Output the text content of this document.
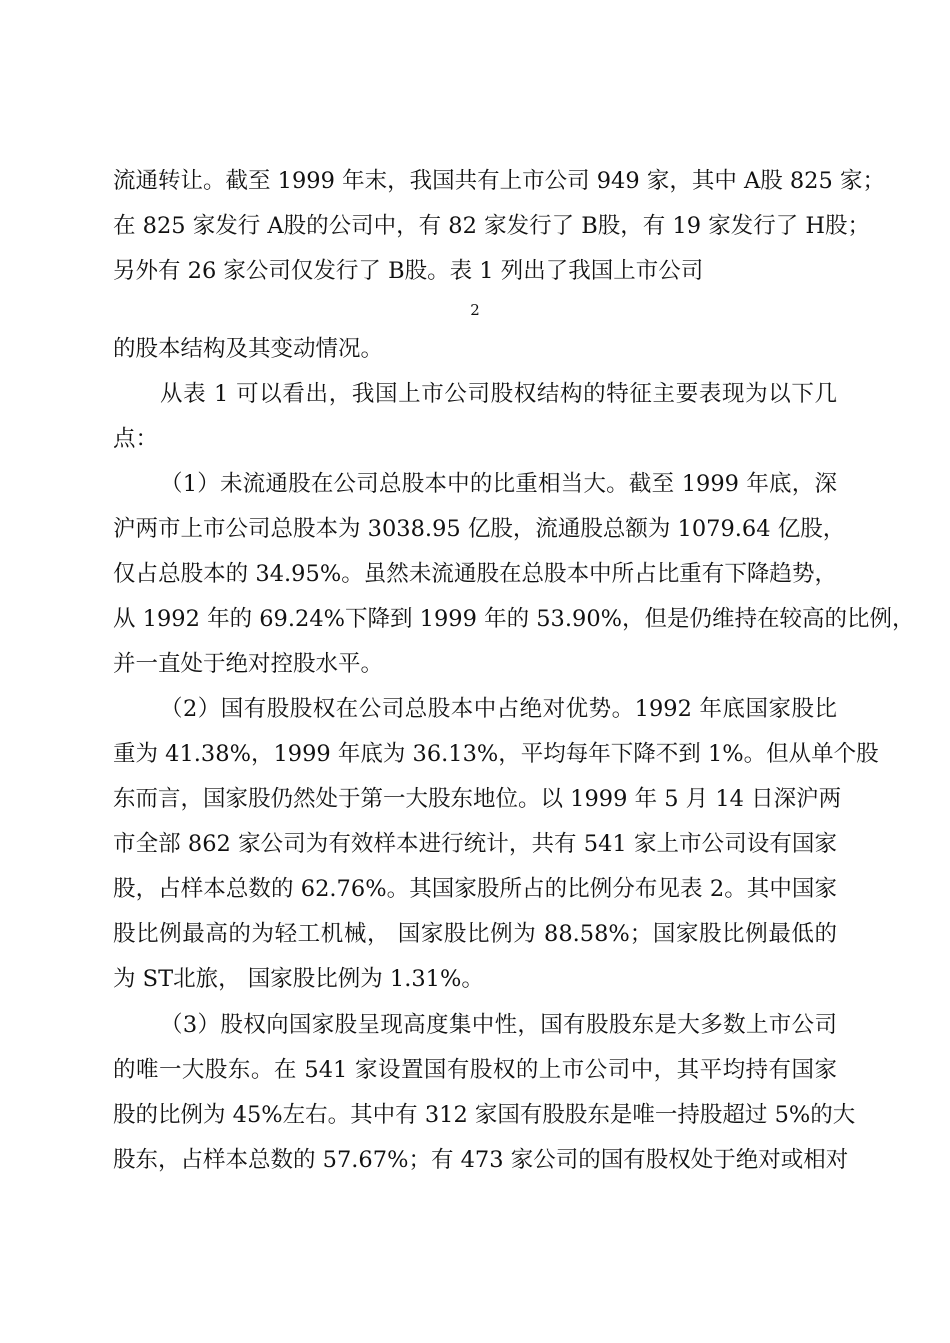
流通转让。截至 1999 年末，我国共有上市公司 949 家，其中 A股 825 家；
在 825 家发行 A股的公司中，有 82 家发行了 B股，有 19 家发行了 H股；
另外有 26 家公司仅发行了 B股。表 1 列出了我国上市公司
2
的股本结构及其变动情况。
从表 1 可以看出，我国上市公司股权结构的特征主要表现为以下几
点：
（1）未流通股在公司总股本中的比重相当大。截至 1999 年底，深
沪两市上市公司总股本为 3038.95 亿股，流通股总额为 1079.64 亿股，
仅占总股本的 34.95%。虽然未流通股在总股本中所占比重有下降趋势，
从 1992 年的 69.24%下降到 1999 年的 53.90%，但是仍维持在较高的比例，
并一直处于绝对控股水平。
（2）国有股股权在公司总股本中占绝对优势。1992 年底国家股比
重为 41.38%，1999 年底为 36.13%，平均每年下降不到 1%。但从单个股
东而言，国家股仍然处于第一大股东地位。以 1999 年 5 月 14 日深沪两
市全部 862 家公司为有效样本进行统计，共有 541 家上市公司设有国家
股，占样本总数的 62.76%。其国家股所占的比例分布见表 2。其中国家
股比例最高的为轻工机械， 国家股比例为 88.58%；国家股比例最低的
为 ST北旅， 国家股比例为 1.31%。
（3）股权向国家股呈现高度集中性，国有股股东是大多数上市公司
的唯一大股东。在 541 家设置国有股权的上市公司中，其平均持有国家
股的比例为 45%左右。其中有 312 家国有股股东是唯一持股超过 5%的大
股东，占样本总数的 57.67%；有 473 家公司的国有股权处于绝对或相对
